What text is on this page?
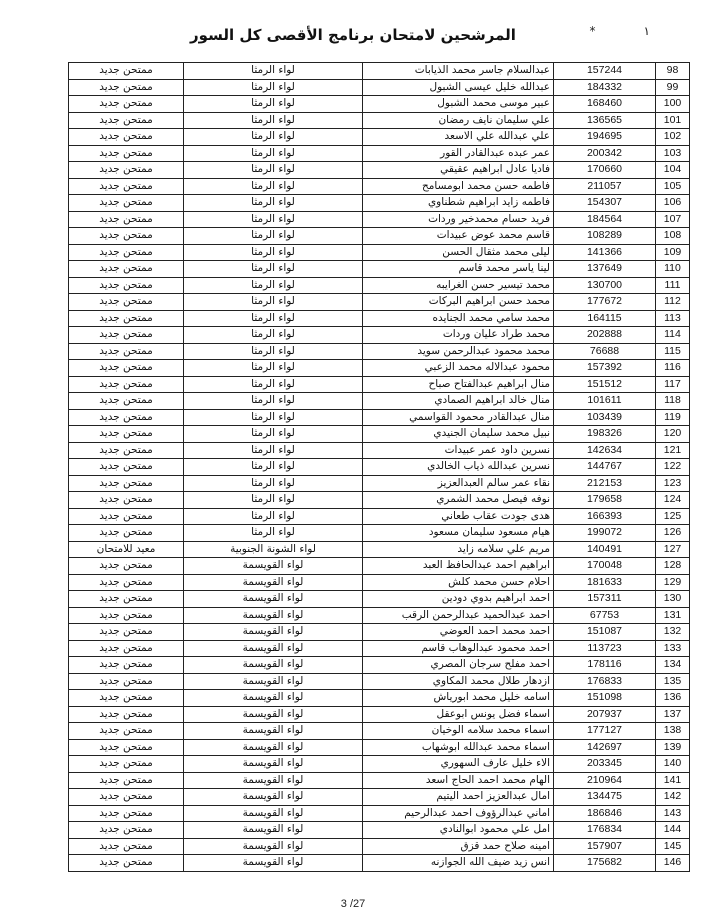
١*
المرشحين لامتحان برنامج الأقصى كل السور
98	157244	عبدالسلام جاسر محمد الذيابات	لواء الرمثا	ممتحن جديد
99	184332	عبدالله خليل عيسى الشبول	لواء الرمثا	ممتحن جديد
100	168460	عبير موسى محمد الشبول	لواء الرمثا	ممتحن جديد
101	136565	علي سليمان نايف رمضان	لواء الرمثا	ممتحن جديد
102	194695	علي عبدالله علي الاسعد	لواء الرمثا	ممتحن جديد
103	200342	عمر عبده عبدالقادر القور	لواء الرمثا	ممتحن جديد
104	170660	فاديا عادل ابراهيم عقيقي	لواء الرمثا	ممتحن جديد
105	211057	فاطمه حسن محمد ابومسامح	لواء الرمثا	ممتحن جديد
106	154307	فاطمه زايد ابراهيم شطناوي	لواء الرمثا	ممتحن جديد
107	184564	فريد حسام محمدخير وردات	لواء الرمثا	ممتحن جديد
108	108289	قاسم محمد عوض عبيدات	لواء الرمثا	ممتحن جديد
109	141366	ليلى محمد مثقال الحسن	لواء الرمثا	ممتحن جديد
110	137649	لينا ياسر محمد قاسم	لواء الرمثا	ممتحن جديد
111	130700	محمد تيسير حسن الغرايبه	لواء الرمثا	ممتحن جديد
112	177672	محمد حسن ابراهيم البركات	لواء الرمثا	ممتحن جديد
113	164115	محمد سامي محمد الجنايده	لواء الرمثا	ممتحن جديد
114	202888	محمد طراد عليان وردات	لواء الرمثا	ممتحن جديد
115	76688	محمد محمود عبدالرحمن سويد	لواء الرمثا	ممتحن جديد
116	157392	محمود عبدالاله محمد الزعبي	لواء الرمثا	ممتحن جديد
117	151512	منال ابراهيم عبدالفتاح صباح	لواء الرمثا	ممتحن جديد
118	101611	منال خالد ابراهيم الصمادي	لواء الرمثا	ممتحن جديد
119	103439	منال عبدالقادر محمود القواسمي	لواء الرمثا	ممتحن جديد
120	198326	نبيل محمد سليمان الجنيدي	لواء الرمثا	ممتحن جديد
121	142634	نسرين داود عمر عبيدات	لواء الرمثا	ممتحن جديد
122	144767	نسرين عبدالله ذياب الخالدي	لواء الرمثا	ممتحن جديد
123	212153	نقاء عمر سالم العبدالعزيز	لواء الرمثا	ممتحن جديد
124	179658	نوفه فيصل محمد الشمري	لواء الرمثا	ممتحن جديد
125	166393	هدى جودت عقاب طعاني	لواء الرمثا	ممتحن جديد
126	199072	هيام مسعود سليمان مسعود	لواء الرمثا	ممتحن جديد
127	140491	مريم علي سلامه زايد	لواء الشونة الجنوبية	معيد للامتحان
128	170048	ابراهيم احمد عبدالحافظ العبد	لواء القويسمة	ممتحن جديد
129	181633	احلام حسن محمد كلش	لواء القويسمة	ممتحن جديد
130	157311	احمد ابراهيم بدوي دودين	لواء القويسمة	ممتحن جديد
131	67753	احمد عبدالحميد عبدالرحمن الرقب	لواء القويسمة	ممتحن جديد
132	151087	احمد محمد احمد العوضي	لواء القويسمة	ممتحن جديد
133	113723	احمد محمود عبدالوهاب قاسم	لواء القويسمة	ممتحن جديد
134	178116	احمد مفلح سرجان المصري	لواء القويسمة	ممتحن جديد
135	176833	ازدهار طلال محمد المكاوي	لواء القويسمة	ممتحن جديد
136	151098	اسامه خليل محمد ابورياش	لواء القويسمة	ممتحن جديد
137	207937	اسماء فضل يونس ابوعقل	لواء القويسمة	ممتحن جديد
138	177127	اسماء محمد سلامه الوخيان	لواء القويسمة	ممتحن جديد
139	142697	اسماء محمد عبدالله ابوشهاب	لواء القويسمة	ممتحن جديد
140	203345	الاء خليل عارف السهوري	لواء القويسمة	ممتحن جديد
141	210964	الهام محمد احمد الحاج اسعد	لواء القويسمة	ممتحن جديد
142	134475	امال عبدالعزيز احمد اليتيم	لواء القويسمة	ممتحن جديد
143	186846	اماني عبدالرؤوف احمد عبدالرحيم	لواء القويسمة	ممتحن جديد
144	176834	امل علي محمود ابوالنادي	لواء القويسمة	ممتحن جديد
145	157907	امينه صلاح حمد قزق	لواء القويسمة	ممتحن جديد
146	175682	انس زيد ضيف الله الجوازنه	لواء القويسمة	ممتحن جديد
3 /27
